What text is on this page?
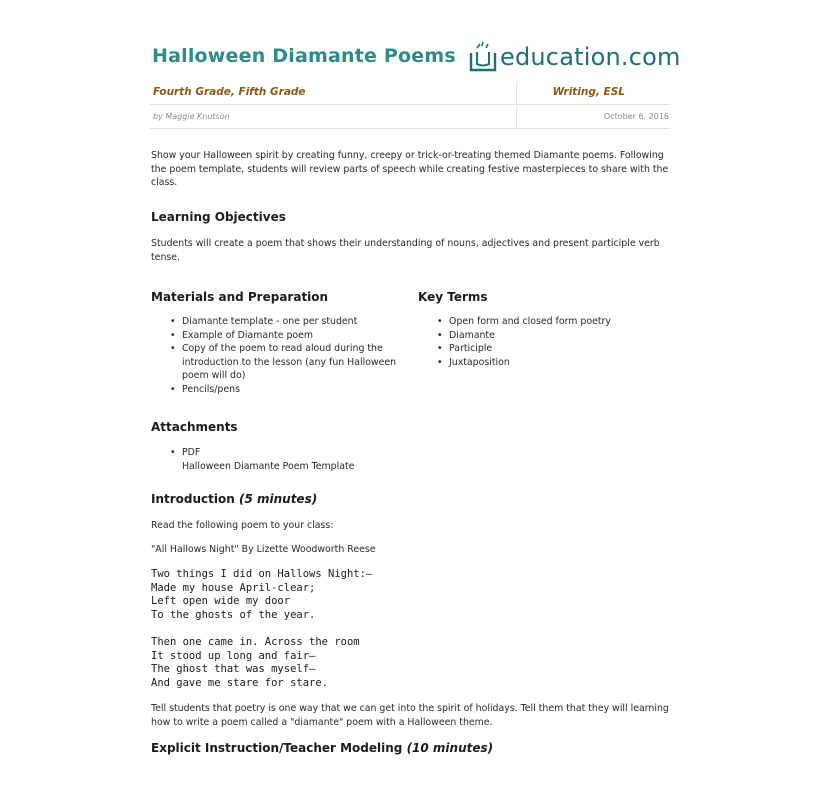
Halloween Diamante Poems education.com
Fourth Grade, Fifth Grade	Writing, ESL
by Maggie Knutson	October 6, 2016

Show your Halloween spirit by creating funny, creepy or trick-or-treating themed Diamante poems. Following the poem template, students will review parts of speech while creating festive masterpieces to share with the class.

Learning Objectives

Students will create a poem that shows their understanding of nouns, adjectives and present participle verb tense.

Materials and Preparation
• Diamante template - one per student
• Example of Diamante poem
• Copy of the poem to read aloud during the introduction to the lesson (any fun Halloween poem will do)
• Pencils/pens
Key Terms
• Open form and closed form poetry
• Diamante
• Participle
• Juxtaposition
Attachments
• PDF
Halloween Diamante Poem Template
Introduction (5 minutes)

Read the following poem to your class:

"All Hallows Night" By Lizette Woodworth Reese

Two things I did on Hallows Night:—
Made my house April-clear;
Left open wide my door
To the ghosts of the year.
Then one came in. Across the room
It stood up long and fair—
The ghost that was myself—
And gave me stare for stare.

Tell students that poetry is one way that we can get into the spirit of holidays. Tell them that they will learning how to write a poem called a "diamante" poem with a Halloween theme.

Explicit Instruction/Teacher Modeling (10 minutes)
